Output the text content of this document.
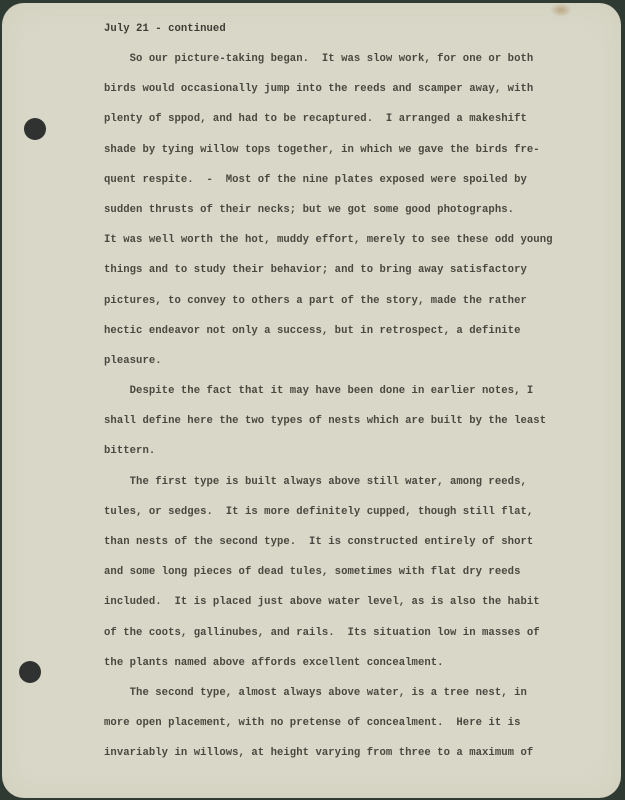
July 21 - continued
So our picture-taking began.  It was slow work, for one or both
birds would occasionally jump into the reeds and scamper away, with
plenty of sppod, and had to be recaptured.  I arranged a makeshift
shade by tying willow tops together, in which we gave the birds fre-
quent respite.  -  Most of the nine plates exposed were spoiled by
sudden thrusts of their necks; but we got some good photographs.
It was well worth the hot, muddy effort, merely to see these odd young
things and to study their behavior; and to bring away satisfactory
pictures, to convey to others a part of the story, made the rather
hectic endeavor not only a success, but in retrospect, a definite
pleasure.
Despite the fact that it may have been done in earlier notes, I
shall define here the two types of nests which are built by the least
bittern.
The first type is built always above still water, among reeds,
tules, or sedges.  It is more definitely cupped, though still flat,
than nests of the second type.  It is constructed entirely of short
and some long pieces of dead tules, sometimes with flat dry reeds
included.  It is placed just above water level, as is also the habit
of the coots, gallinubes, and rails.  Its situation low in masses of
the plants named above affords excellent concealment.
The second type, almost always above water, is a tree nest, in
more open placement, with no pretense of concealment.  Here it is
invariably in willows, at height varying from three to a maximum of
